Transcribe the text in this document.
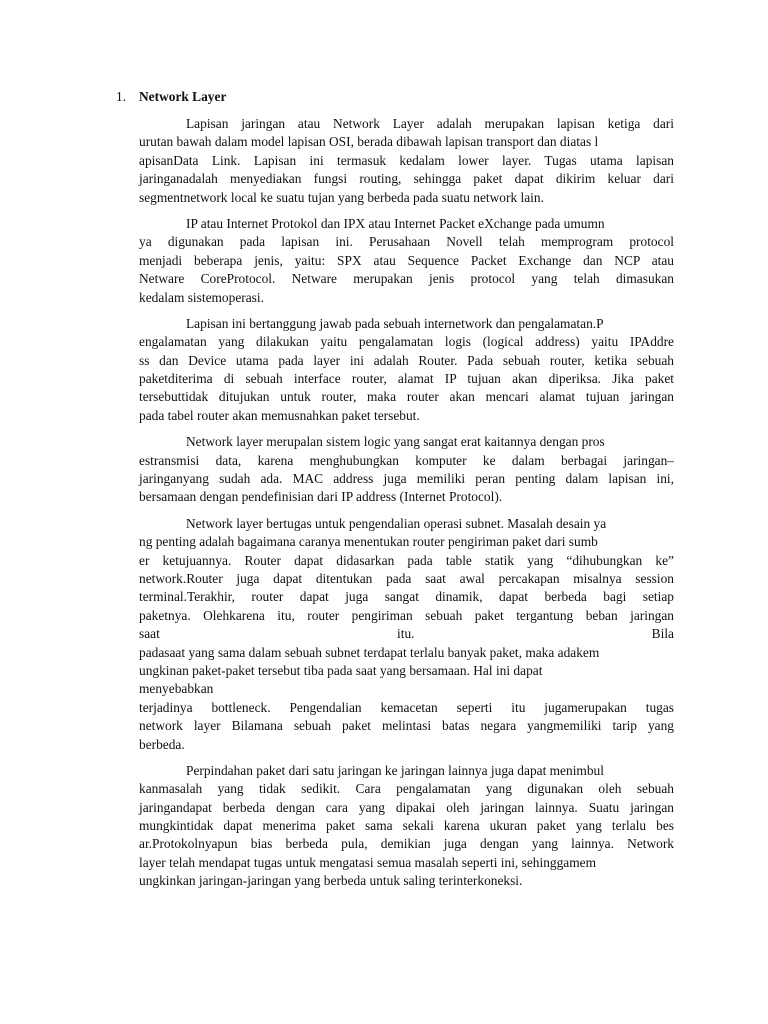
1. Network Layer
Lapisan jaringan atau Network Layer adalah merupakan lapisan ketiga dari
urutan bawah dalam model lapisan OSI, berada dibawah lapisan transport dan diatas l
apisanData Link. Lapisan ini termasuk kedalam lower layer. Tugas utama lapisan
jaringanadalah menyediakan fungsi routing, sehingga paket dapat dikirim keluar dari
segmentnetwork local ke suatu tujan yang berbeda pada suatu network lain.
IP atau Internet Protokol dan IPX atau Internet Packet eXchange pada umumn
ya digunakan pada lapisan ini. Perusahaan Novell telah memprogram protocol
menjadi beberapa jenis, yaitu: SPX atau Sequence Packet Exchange dan NCP atau
Netware CoreProtocol. Netware merupakan jenis protocol yang telah dimasukan
kedalam sistemoperasi.
Lapisan ini bertanggung jawab pada sebuah internetwork dan pengalamatan.P
engalamatan yang dilakukan yaitu pengalamatan logis (logical address) yaitu IPAddre
ss dan Device utama pada layer ini adalah Router. Pada sebuah router, ketika sebuah
paketditerima di sebuah interface router, alamat IP tujuan akan diperiksa. Jika paket
tersebuttidak ditujukan untuk router, maka router akan mencari alamat tujuan jaringan
pada tabel router akan memusnahkan paket tersebut.
Network layer merupalan sistem logic yang sangat erat kaitannya dengan pros
estransmisi data, karena menghubungkan komputer ke dalam berbagai jaringan–
jaringanyang sudah ada. MAC address juga memiliki peran penting dalam lapisan ini,
bersamaan dengan pendefinisian dari IP address (Internet Protocol).
Network layer bertugas untuk pengendalian operasi subnet. Masalah desain ya
ng penting adalah bagaimana caranya menentukan router pengiriman paket dari sumb
er ketujuannya. Router dapat didasarkan pada table statik yang “dihubungkan ke”
network.Router juga dapat ditentukan pada saat awal percakapan misalnya session
terminal.Terakhir, router dapat juga sangat dinamik, dapat berbeda bagi setiap
paketnya. Olehkarena itu, router pengiriman sebuah paket tergantung beban jaringan
saat itu. Bila
padasaat yang sama dalam sebuah subnet terdapat terlalu banyak paket, maka adakem
ungkinan paket-paket tersebut tiba pada saat yang bersamaan. Hal ini dapat
menyebabkan
terjadinya bottleneck. Pengendalian kemacetan seperti itu jugamerupakan tugas
network layer Bilamana sebuah paket melintasi batas negara yangmemiliki tarip yang
berbeda.
Perpindahan paket dari satu jaringan ke jaringan lainnya juga dapat menimbul
kanmasalah yang tidak sedikit. Cara pengalamatan yang digunakan oleh sebuah
jaringandapat berbeda dengan cara yang dipakai oleh jaringan lainnya. Suatu jaringan
mungkintidak dapat menerima paket sama sekali karena ukuran paket yang terlalu bes
ar.Protokolnyapun bias berbeda pula, demikian juga dengan yang lainnya. Network
layer telah mendapat tugas untuk mengatasi semua masalah seperti ini, sehinggamem
ungkinkan jaringan-jaringan yang berbeda untuk saling terinterkoneksi.
